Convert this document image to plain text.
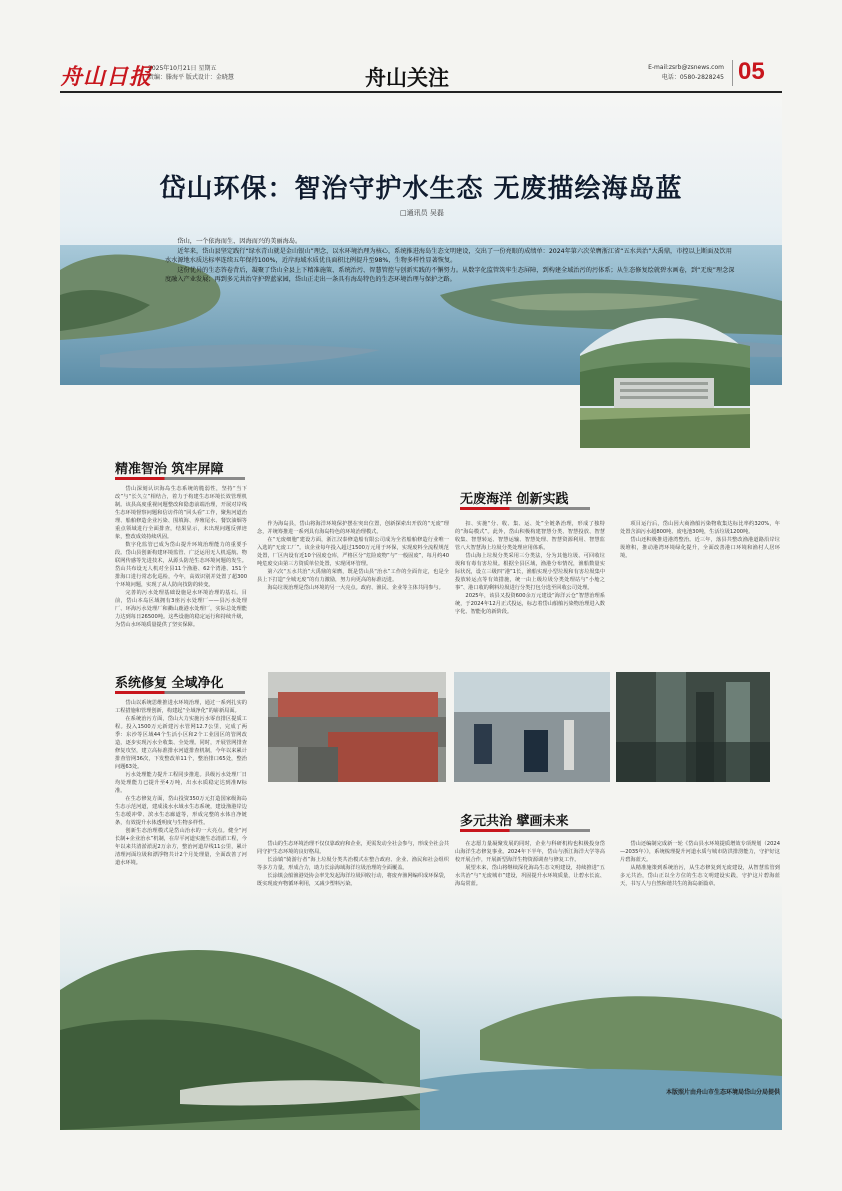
舟山日报
2025年10月21日 星期五
责编：滕海平 版式设计：金晓慧	舟山关注	E-mail:zsrb@zsnews.com
电话：0580-2828245 05
岱山环保：智治守护水生态 无废描绘海岛蓝
□通讯员 吴磊

岱山，一个依海而生、因海而兴的美丽海岛。

近年来，岱山县坚定践行“绿水青山就是金山银山”理念，以水环境治理为核心，系统推进海岛生态文明建设，交出了一份亮眼的成绩单：2024年第六次荣膺浙江省“五水共治”大禹鼎，市控以上断面及饮用水水源地水质达标率连续五年保持100%，近岸海域水质优良面积比例提升至98%，生物多样性显著恢复。

这份优异的生态答卷背后，凝聚了岱山全县上下精准施策、系统治污、智慧管控与创新实践的不懈努力。从数字化监管筑牢生态屏障，到构建全域治污的污体系；从生态修复绘就碧水画卷，到“无废”理念深度融入产业发展；再到多元共治守护碧蓝家园，岱山正走出一条具有海岛特色的生态环境治理与保护之路。

精准智治 筑牢屏障

岱山深刻认识海岛生态系统的脆弱性，坚持“当下改”与“长久立”相结合，着力于构建生态环境长效管理机制。该县高度重视问题整改和隐患前端治理，开展对岸线生态环境督察问题和信访件的“回头看”工作，聚焦河道治理、船舶修造企业污染、围填海、养殖尾水、餐饮油烟等重点领域进行全面排查，结果显示，未出现问题反弹迹象，整改成效持续巩固。

数字化监管已成为岱山提升环境治理能力的重要手段。岱山县创新构建环境监管、广泛运用无人机巡航、物联网传感等先进技术，从源头防范生态环境问题的发生。岱山共布设无人机对全县11个渔港、62个湾港、151个排海口进行常态化巡检，今年，高效识别并处置了超300个环境问题，实现了从人防向技防的转变。

完善的污水处理基础设施是水环境治理的基石。目前，岱山本岛区域拥有3座污水处理厂——县污水处理厂、环海污水处理厂和衢山鹿港水处理厂，实际总处理能力达到每日26500吨。这些设施的稳定运行和持续升级，为岱山水环境质量提供了坚实保障。

系统修复 全域净化

岱山以系统思维推进水环境治理，通过一系列扎实的工程措施和管理创新，构建起“全域净化”的崭新局面。

在系统治污方面，岱山大力实施污水零直排区提质工程。投入1500万元新建污水管网12.7公里，完成了两季：东沙等区域44个生活小区和2个工业园区的管网改造，逐步实现污水全收集、全处理。同时，开展管网排查修复攻坚，建立高标准排水河道排查机制，今年以来累计排查管网36次，下发整改单11个，整治排口65处，整治问题63处。

污水处理能力提升工程同步推进。县级污水处理厂日均处理能力已提升至4万吨，出水水质稳定达到准Ⅳ标准。

在生态修复方面，岱山投资350万元打造国家级海岛生态示范河道，建成浅水水域水生态系统，建设渔港岸边生态缓冲带、滨水生态廊道等，形成完整的水体自净链条，有效提升水体透明度与生物多样性。

创新生态治理模式是岱山治水的一大亮点。健全“河长制+企业治水”机制，在岸平河道实施生态清淤工程，今年以来共清淤淤泥2万余方，整治河道岸线11公里，累计清理河面垃圾和漂浮物共计2个月处理量，全面改善了河道水环境。

作为海岛县，岱山将海洋环境保护摆在突出位置，创新探索出开放的“无废”理念，并统筹推进一系列具有海岛特色的环境治理模式。

在“无废细胞”建设方面，浙江汉泰修造船有限公司成为全省船舶修造行业唯一入选的“无废工厂”。该企业每年投入超过1500万元用于环保，实现废料全流程规范处置，厂区内设有近10个固废仓库，严格区分“危险废物”与“一般固废”，每月约40吨危废交由第三方资质单位处置，实现闭环管理。

第六次“五水共治”大禹鼎的荣膺，既是岱山县“治水”工作的全面肯定，也是全县上下打造“全城无废”的有力激励，努力向更高的标准迈进。

海岛垃圾治理是岱山环境的另一大亮点。政府、渔民、企业等主体共同参与。

无废海洋 创新实践

扣、实施“分、收、集、运、处”全链条治理，形成了独特的“海岛模式”。此外，岱山积极构建智慧分类、智慧投放、智慧收集、智慧转运、智慧运输、智慧处理、智慧资源利用、智慧监管八大智慧海上垃圾分类处理应用体系。

岱山海上垃圾分类采用三分类法，分为其他垃圾、可回收垃圾和有毒有害垃圾。根据全县区域，渔港分布情况，渔船数量实际状况，设立三级四“港”1长，渔船实现小型垃圾和有害垃圾集中投放转运点等有效措施，统一由上级垃圾分类处理站与“小舱之事”、港口收的剩料垃圾进行分类打包分选至回收公司处理。

2025年，该县又投资600余万元建设“海洋云仓”智慧治理系统，于2024年12月正式投运，标志着岱山船舶污染物治理进入数字化、智能化的新阶段。

项目运行后，岱山因大商渔船污染物收集达标比率约320%，年处置含油污水超800吨、废电池30吨，生活垃圾1200吨。

岱山还积极推进港湾整治。近三年，落县共整改渔港道路沿岸垃圾堆积，推动港湾环境绿化提升，全面改善港口环境和渔村人居环境。

多元共治 擘画未来

岱山的生态环境治理不仅仅靠政府和企业，更需发动全社会参与，形成全社会共同守护生态环境的良好格局。

长涂镇“骑游行者”海上垃圾分类共治模式在整合政府、企业、渔民和社会组织等多方力量，形成合力，助力长涂海域海洋垃圾治理的全面覆盖。

长涂镇会船渔港处协会率先发起海洋垃圾回收行动，将废弃渔网编织成环保袋，既实现废弃物循环利用，又减少塑料污染。

在志愿力量凝聚发展的同时，企业与科研机构也积极投身岱山海洋生态修复事业。2024年下半年，岱山与浙江海洋大学等高校开展合作，开展新型海洋生物资源调查与修复工作。

展望未来，岱山将继续深化海岛生态文明建设，持续推进“五水共治”与“无废城市”建设，巩固提升水环境质量，让碧水长流、海岛常蓝。

岱山还编制完成新一轮《岱山县水环境提质增效专项规划（2024—2035年）》，系统梳理提升河道水质与城市防洪排涝能力，守护好这片碧海蓝天。

从精准施策到系统治污，从生态修复到无废建设，从智慧监管到多元共治，岱山正以全方位的生态文明建设实践，守护这片碧海蓝天，书写人与自然和谐共生的海岛新篇章。

本版照片由舟山市生态环境局岱山分局提供
